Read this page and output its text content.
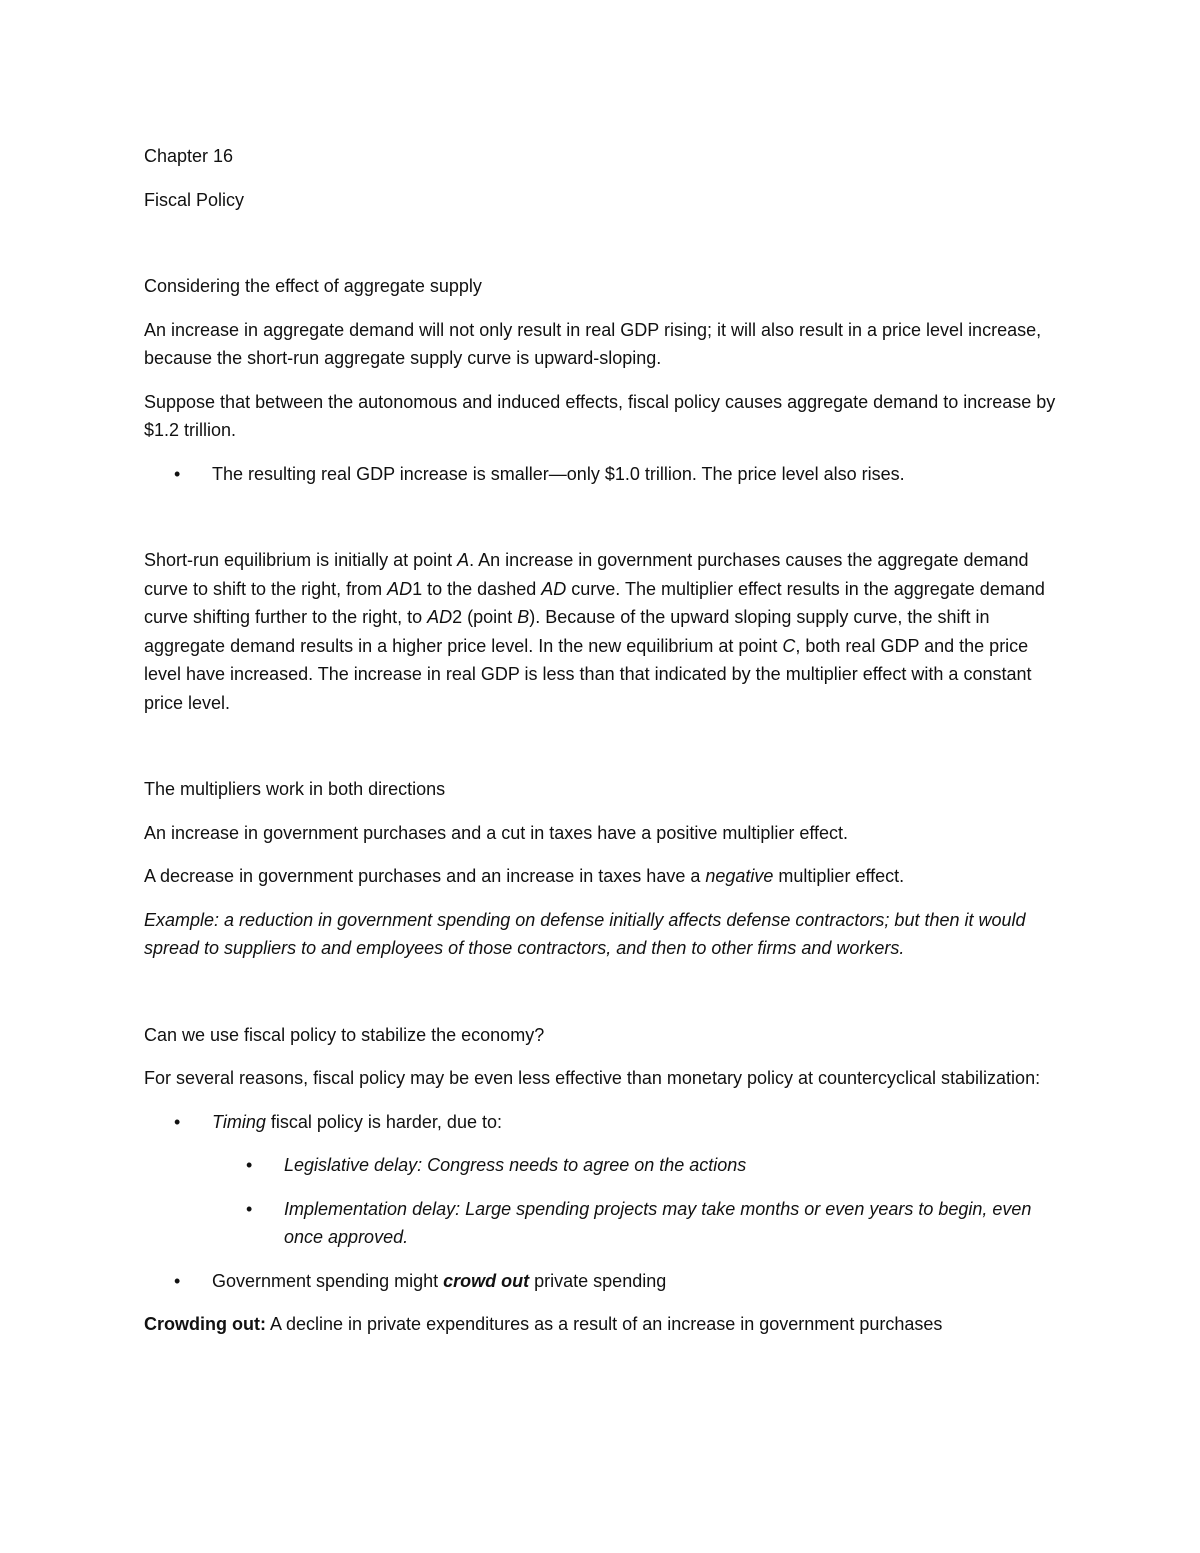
Chapter 16

Fiscal Policy

Considering the effect of aggregate supply

An increase in aggregate demand will not only result in real GDP rising; it will also result in a price level increase, because the short-run aggregate supply curve is upward-sloping.

Suppose that between the autonomous and induced effects, fiscal policy causes aggregate demand to increase by $1.2 trillion.

• The resulting real GDP increase is smaller—only $1.0 trillion. The price level also rises.

Short-run equilibrium is initially at point A. An increase in government purchases causes the aggregate demand curve to shift to the right, from AD1 to the dashed AD curve. The multiplier effect results in the aggregate demand curve shifting further to the right, to AD2 (point B). Because of the upward sloping supply curve, the shift in aggregate demand results in a higher price level. In the new equilibrium at point C, both real GDP and the price level have increased. The increase in real GDP is less than that indicated by the multiplier effect with a constant price level.

The multipliers work in both directions

An increase in government purchases and a cut in taxes have a positive multiplier effect.

A decrease in government purchases and an increase in taxes have a negative multiplier effect.

Example: a reduction in government spending on defense initially affects defense contractors; but then it would spread to suppliers to and employees of those contractors, and then to other firms and workers.

Can we use fiscal policy to stabilize the economy?

For several reasons, fiscal policy may be even less effective than monetary policy at countercyclical stabilization:

• Timing fiscal policy is harder, due to:
• Legislative delay: Congress needs to agree on the actions
• Implementation delay: Large spending projects may take months or even years to begin, even once approved.
• Government spending might crowd out private spending

Crowding out: A decline in private expenditures as a result of an increase in government purchases
